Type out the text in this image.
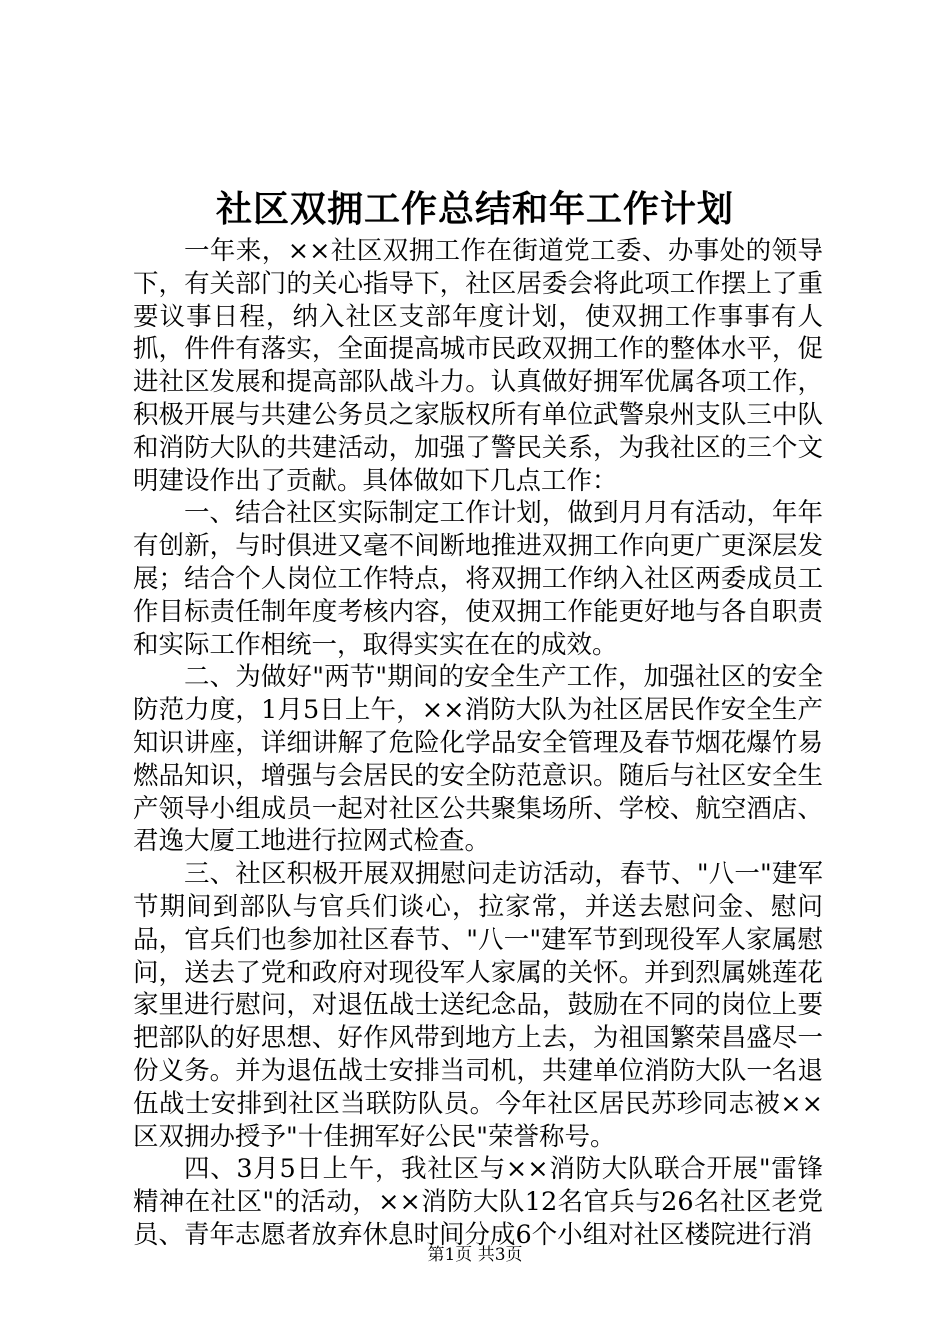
社区双拥工作总结和年工作计划

一年来，××社区双拥工作在街道党工委、办事处的领导下，有关部门的关心指导下，社区居委会将此项工作摆上了重要议事日程，纳入社区支部年度计划，使双拥工作事事有人抓，件件有落实，全面提高城市民政双拥工作的整体水平，促进社区发展和提高部队战斗力。认真做好拥军优属各项工作，积极开展与共建公务员之家版权所有单位武警泉州支队三中队和消防大队的共建活动，加强了警民关系，为我社区的三个文明建设作出了贡献。具体做如下几点工作：

一、结合社区实际制定工作计划，做到月月有活动，年年有创新，与时俱进又毫不间断地推进双拥工作向更广更深层发展；结合个人岗位工作特点，将双拥工作纳入社区两委成员工作目标责任制年度考核内容，使双拥工作能更好地与各自职责和实际工作相统一，取得实实在在的成效。

二、为做好"两节"期间的安全生产工作，加强社区的安全防范力度，1月5日上午，××消防大队为社区居民作安全生产知识讲座，详细讲解了危险化学品安全管理及春节烟花爆竹易燃品知识，增强与会居民的安全防范意识。随后与社区安全生产领导小组成员一起对社区公共聚集场所、学校、航空酒店、君逸大厦工地进行拉网式检查。

三、社区积极开展双拥慰问走访活动，春节、"八一"建军节期间到部队与官兵们谈心，拉家常，并送去慰问金、慰问品，官兵们也参加社区春节、"八一"建军节到现役军人家属慰问，送去了党和政府对现役军人家属的关怀。并到烈属姚莲花家里进行慰问，对退伍战士送纪念品，鼓励在不同的岗位上要把部队的好思想、好作风带到地方上去，为祖国繁荣昌盛尽一份义务。并为退伍战士安排当司机，共建单位消防大队一名退伍战士安排到社区当联防队员。今年社区居民苏珍同志被××区双拥办授予"十佳拥军好公民"荣誉称号。

四、3月5日上午，我社区与××消防大队联合开展"雷锋精神在社区"的活动，××消防大队12名官兵与26名社区老党员、青年志愿者放弃休息时间分成6个小组对社区楼院进行消

第1页 共3页
